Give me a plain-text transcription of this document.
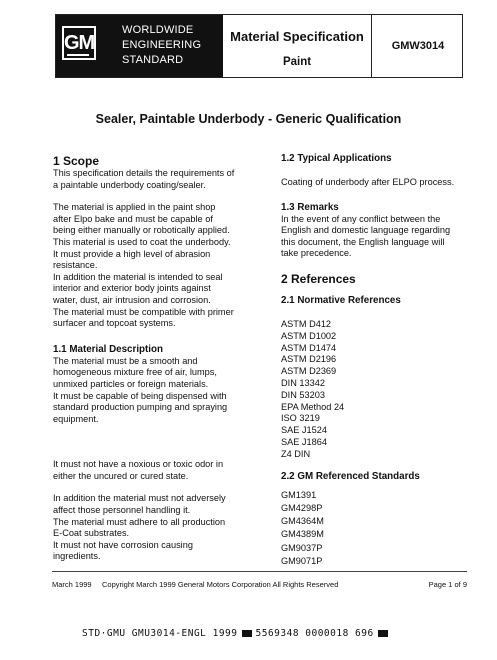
GM
WORLDWIDE
ENGINEERING
STANDARD
Material Specification
Paint
GMW3014
Sealer, Paintable Underbody - Generic Qualification
1 Scope

This specification details the requirements of
a paintable underbody coating/sealer.

The material is applied in the paint shop
after Elpo bake and must be capable of
being either manually or robotically applied.
This material is used to coat the underbody.
It must provide a high level of abrasion
resistance.
In addition the material is intended to seal
interior and exterior body joints against
water, dust, air intrusion and corrosion.
The material must be compatible with primer
surfacer and topcoat systems.

1.1 Material Description

The material must be a smooth and
homogeneous mixture free of air, lumps,
unmixed particles or foreign materials.
It must be capable of being dispensed with
standard production pumping and spraying
equipment.

It must not have a noxious or toxic odor in
either the uncured or cured state.

In addition the material must not adversely
affect those personnel handling it.
The material must adhere to all production
E-Coat substrates.
It must not have corrosion causing
ingredients.

1.2 Typical Applications

Coating of underbody after ELPO process.

1.3 Remarks

In the event of any conflict between the
English and domestic language regarding
this document, the English language will
take precedence.

2 References
2.1 Normative References
ASTM D412
ASTM D1002
ASTM D1474
ASTM D2196
ASTM D2369
DIN 13342
DIN 53203
EPA Method 24
ISO 3219
SAE J1524
SAE J1864
Z4 DIN
2.2 GM Referenced Standards
GM1391
GM4298P
GM4364M
GM4389M
GM9037P
GM9071P
March 1999 Copyright March 1999 General Motors Corporation All Rights Reserved	Page 1 of 9
STD·GMU GMU3014-ENGL 1999 5569348 0000018 696
